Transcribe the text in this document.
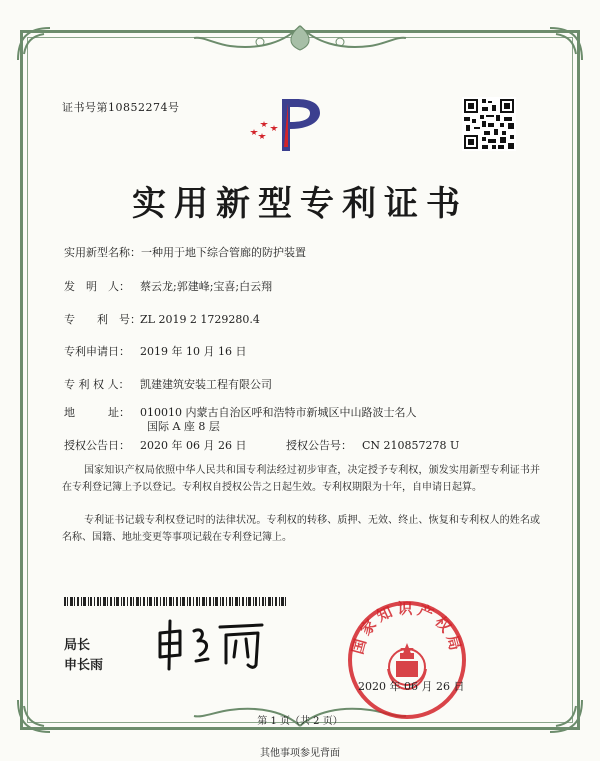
证书号第10852274号
实用新型专利证书
实用新型名称：一种用于地下综合管廊的防护装置
发　明　人： 蔡云龙;郭建峰;宝喜;白云翔
专　　利　号：ZL 2019 2 1729280.4
专利申请日： 2019 年 10 月 16 日
专 利 权 人： 凯建建筑安装工程有限公司
地　　　址： 010010 内蒙古自治区呼和浩特市新城区中山路波士名人
国际 A 座 8 层
授权公告日： 2020 年 06 月 26 日	授权公告号： CN 210857278 U
国家知识产权局依照中华人民共和国专利法经过初步审查，决定授予专利权，颁发实用新型专利证书并在专利登记簿上予以登记。专利权自授权公告之日起生效。专利权期限为十年，自申请日起算。
专利证书记载专利权登记时的法律状况。专利权的转移、质押、无效、终止、恢复和专利权人的姓名或名称、国籍、地址变更等事项记载在专利登记簿上。
局长
申长雨
国家知识产权局
2020 年 06 月 26 日
第 1 页（共 2 页）
其他事项参见背面
